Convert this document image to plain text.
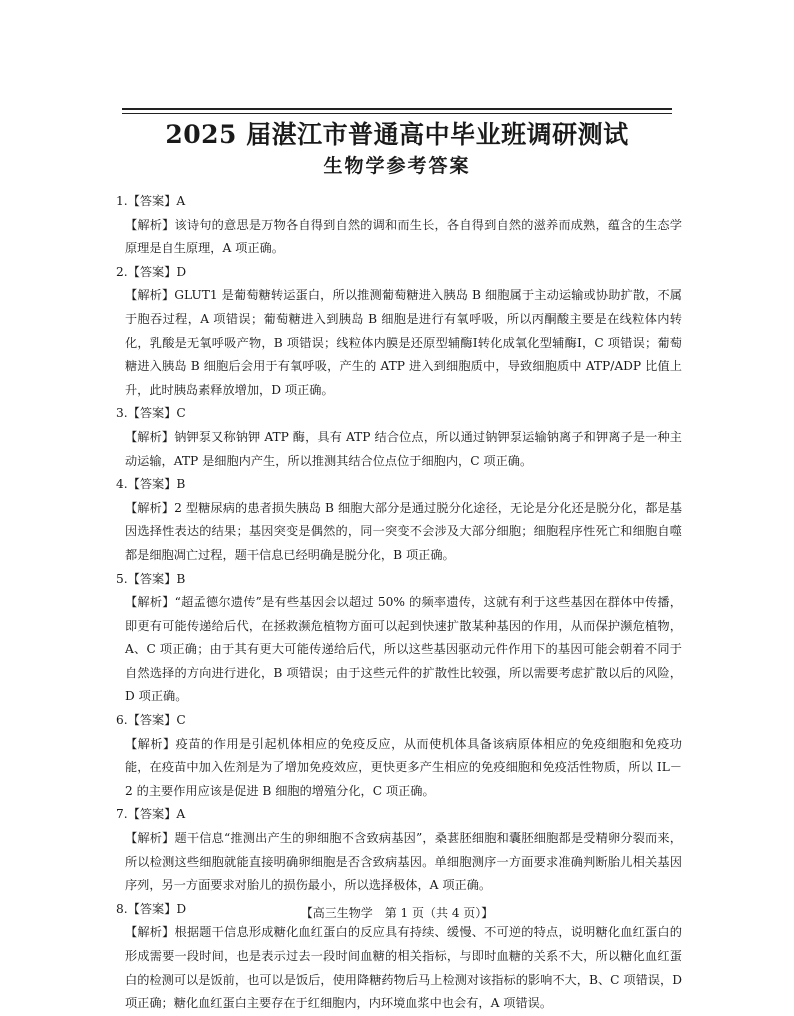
2025 届湛江市普通高中毕业班调研测试
生物学参考答案

1.【答案】A

【解析】该诗句的意思是万物各自得到自然的调和而生长，各自得到自然的滋养而成熟，蕴含的生态学原理是自生原理，A 项正确。

2.【答案】D

【解析】GLUT1 是葡萄糖转运蛋白，所以推测葡萄糖进入胰岛 B 细胞属于主动运输或协助扩散，不属于胞吞过程，A 项错误；葡萄糖进入到胰岛 B 细胞是进行有氧呼吸，所以丙酮酸主要是在线粒体内转化，乳酸是无氧呼吸产物，B 项错误；线粒体内膜是还原型辅酶Ⅰ转化成氧化型辅酶Ⅰ，C 项错误；葡萄糖进入胰岛 B 细胞后会用于有氧呼吸，产生的 ATP 进入到细胞质中，导致细胞质中 ATP/ADP 比值上升，此时胰岛素释放增加，D 项正确。

3.【答案】C

【解析】钠钾泵又称钠钾 ATP 酶，具有 ATP 结合位点，所以通过钠钾泵运输钠离子和钾离子是一种主动运输，ATP 是细胞内产生，所以推测其结合位点位于细胞内，C 项正确。

4.【答案】B

【解析】2 型糖尿病的患者损失胰岛 B 细胞大部分是通过脱分化途径，无论是分化还是脱分化，都是基因选择性表达的结果；基因突变是偶然的，同一突变不会涉及大部分细胞；细胞程序性死亡和细胞自噬都是细胞凋亡过程，题干信息已经明确是脱分化，B 项正确。

5.【答案】B

【解析】“超孟德尔遗传”是有些基因会以超过 50% 的频率遗传，这就有利于这些基因在群体中传播，即更有可能传递给后代，在拯救濒危植物方面可以起到快速扩散某种基因的作用，从而保护濒危植物，A、C 项正确；由于其有更大可能传递给后代，所以这些基因驱动元件作用下的基因可能会朝着不同于自然选择的方向进行进化，B 项错误；由于这些元件的扩散性比较强，所以需要考虑扩散以后的风险，D 项正确。

6.【答案】C

【解析】疫苗的作用是引起机体相应的免疫反应，从而使机体具备该病原体相应的免疫细胞和免疫功能，在疫苗中加入佐剂是为了增加免疫效应，更快更多产生相应的免疫细胞和免疫活性物质，所以 IL－2 的主要作用应该是促进 B 细胞的增殖分化，C 项正确。

7.【答案】A

【解析】题干信息“推测出产生的卵细胞不含致病基因”，桑葚胚细胞和囊胚细胞都是受精卵分裂而来，所以检测这些细胞就能直接明确卵细胞是否含致病基因。单细胞测序一方面要求准确判断胎儿相关基因序列，另一方面要求对胎儿的损伤最小，所以选择极体，A 项正确。

8.【答案】D

【解析】根据题干信息形成糖化血红蛋白的反应具有持续、缓慢、不可逆的特点，说明糖化血红蛋白的形成需要一段时间，也是表示过去一段时间血糖的相关指标，与即时血糖的关系不大，所以糖化血红蛋白的检测可以是饭前，也可以是饭后，使用降糖药物后马上检测对该指标的影响不大，B、C 项错误，D 项正确；糖化血红蛋白主要存在于红细胞内，内环境血浆中也会有，A 项错误。

【高三生物学　第 1 页（共 4 页）】
